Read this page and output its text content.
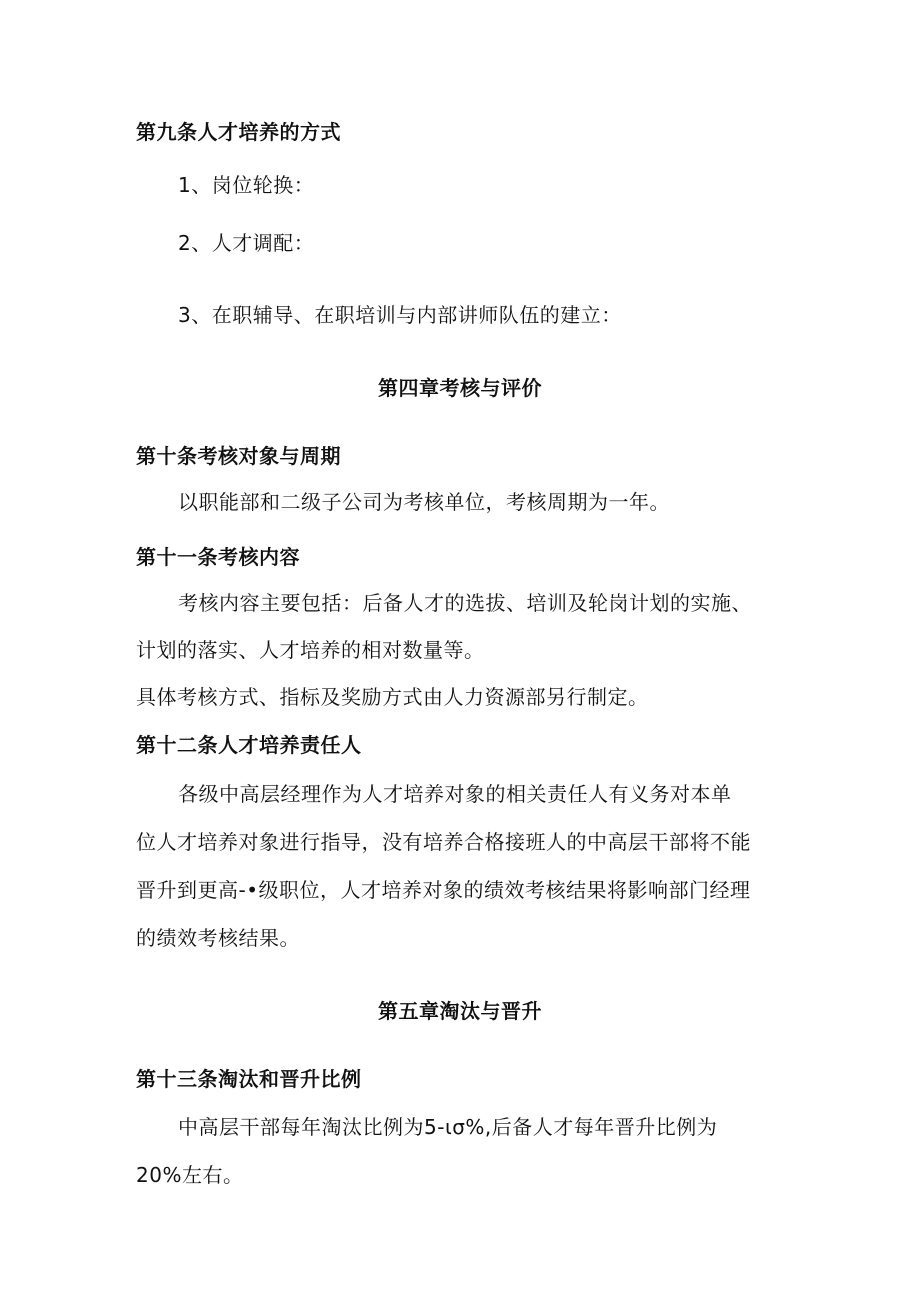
第九条人才培养的方式
1、岗位轮换：
2、人才调配：
3、在职辅导、在职培训与内部讲师队伍的建立：
第四章考核与评价
第十条考核对象与周期
以职能部和二级子公司为考核单位，考核周期为一年。
第十一条考核内容
考核内容主要包括：后备人才的选拔、培训及轮岗计划的实施、
计划的落实、人才培养的相对数量等。
具体考核方式、指标及奖励方式由人力资源部另行制定。
第十二条人才培养责任人
各级中高层经理作为人才培养对象的相关责任人有义务对本单
位人才培养对象进行指导，没有培养合格接班人的中高层干部将不能
晋升到更高-•级职位，人才培养对象的绩效考核结果将影响部门经理
的绩效考核结果。
第五章淘汰与晋升
第十三条淘汰和晋升比例
中高层干部每年淘汰比例为5-ισ%,后备人才每年晋升比例为
20%左右。
